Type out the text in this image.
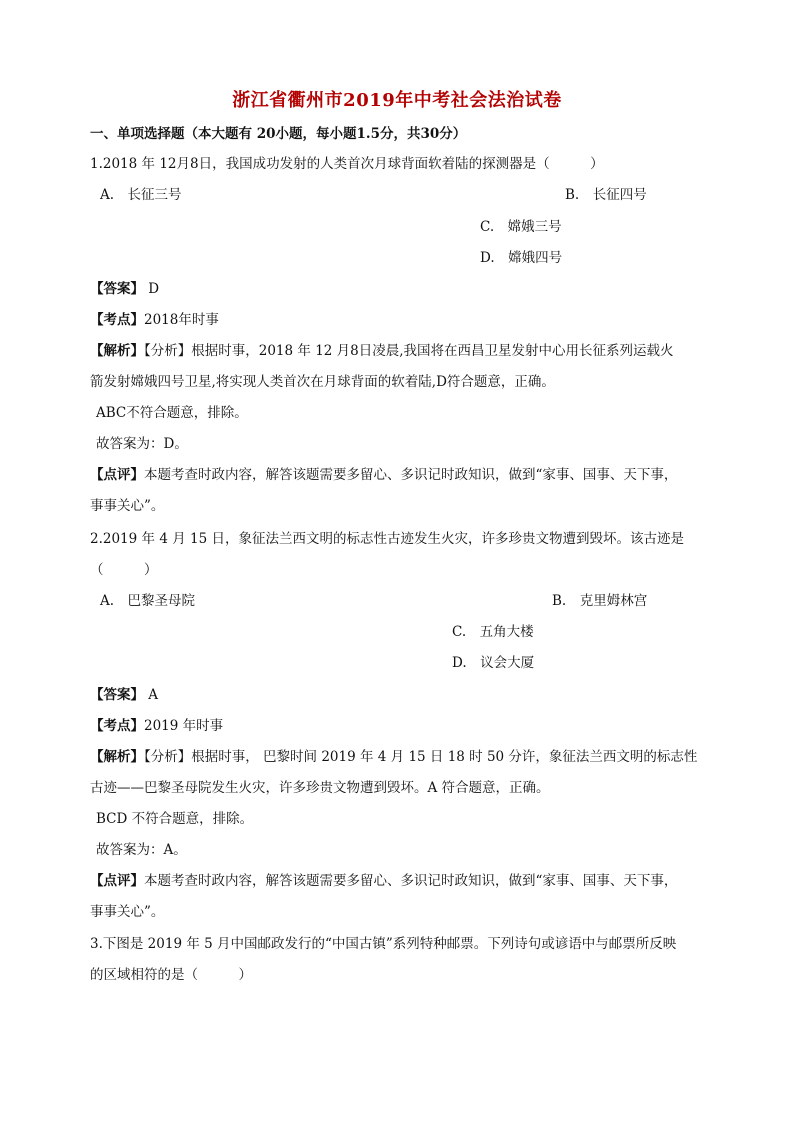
浙江省衢州市2019年中考社会法治试卷
一、单项选择题（本大题有 20小题，每小题1.5分，共30分）
1.2018 年 12月8日，我国成功发射的人类首次月球背面软着陆的探测器是（　　　）
A.　长征三号	B.　长征四号
C.　嫦娥三号
D.　嫦娥四号
【答案】 D
【考点】2018年时事
【解析】【分析】根据时事，2018 年 12 月8日凌晨,我国将在西昌卫星发射中心用长征系列运载火
箭发射嫦娥四号卫星,将实现人类首次在月球背面的软着陆,D符合题意，正确。
ABC不符合题意，排除。
故答案为：D。
【点评】本题考查时政内容，解答该题需要多留心、多识记时政知识，做到“家事、国事、天下事，
事事关心”。
2.2019 年 4 月 15 日，象征法兰西文明的标志性古迹发生火灾，许多珍贵文物遭到毁坏。该古迹是
（　　　）
A.　巴黎圣母院	B.　克里姆林宫
C.　五角大楼
D.　议会大厦
【答案】 A
【考点】2019 年时事
【解析】【分析】根据时事， 巴黎时间 2019 年 4 月 15 日 18 时 50 分许，象征法兰西文明的标志性
古迹——巴黎圣母院发生火灾，许多珍贵文物遭到毁坏。A 符合题意，正确。
BCD 不符合题意，排除。
故答案为：A。
【点评】本题考查时政内容，解答该题需要多留心、多识记时政知识，做到“家事、国事、天下事，
事事关心”。
3.下图是 2019 年 5 月中国邮政发行的“中国古镇”系列特种邮票。下列诗句或谚语中与邮票所反映
的区域相符的是（　　　）
